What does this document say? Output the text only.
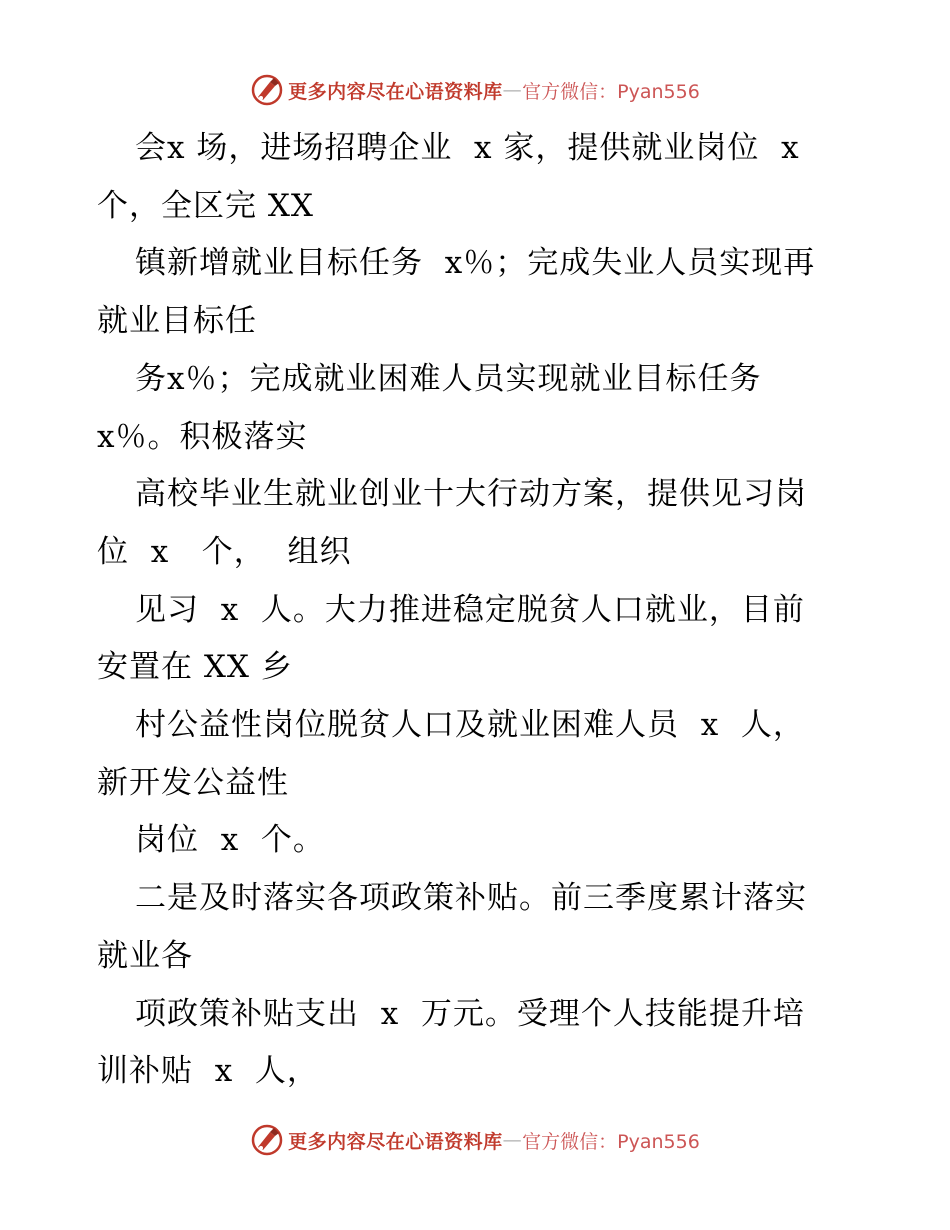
更多内容尽在心语资料库 — 官方微信：Pyan556
会x 场，进场招聘企业  x 家，提供就业岗位  x
个，全区完 XX
镇新增就业目标任务  x％；完成失业人员实现再
就业目标任
务x％；完成就业困难人员实现就业目标任务
x％。积极落实
高校毕业生就业创业十大行动方案，提供见习岗
位  x   个，  组织
见习  x  人。大力推进稳定脱贫人口就业，目前
安置在 XX 乡
村公益性岗位脱贫人口及就业困难人员  x  人，
新开发公益性
岗位  x  个。
二是及时落实各项政策补贴。前三季度累计落实
就业各
项政策补贴支出  x  万元。受理个人技能提升培
训补贴  x  人，
更多内容尽在心语资料库 — 官方微信：Pyan556
